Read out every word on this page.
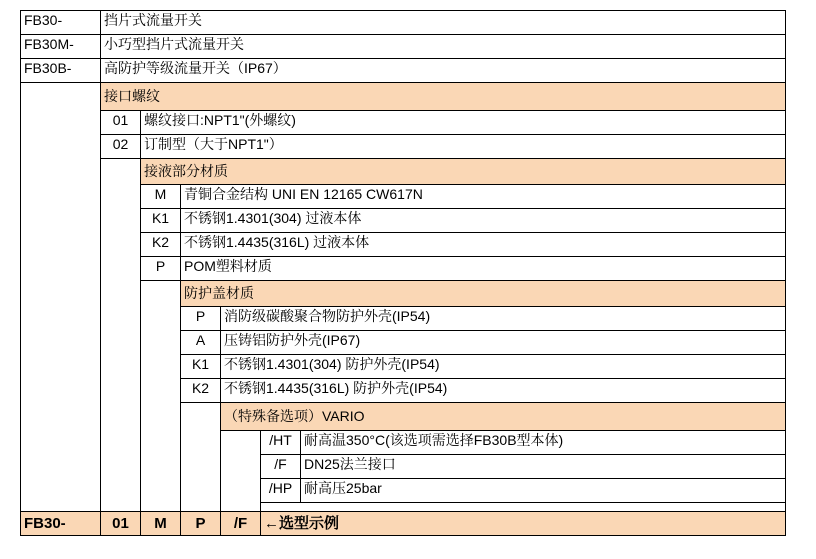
FB30-	挡片式流量开关
FB30M-	小巧型挡片式流量开关
FB30B-	高防护等级流量开关（IP67）
接口螺纹
01	螺纹接口:NPT1"(外螺纹)
02	订制型（大于NPT1"）
接液部分材质
M	青铜合金结构 UNI EN 12165 CW617N
K1	不锈钢1.4301(304) 过液本体
K2	不锈钢1.4435(316L) 过液本体
P	POM塑料材质
防护盖材质
P	消防级碳酸聚合物防护外壳(IP54)
A	压铸铝防护外壳(IP67)
K1	不锈钢1.4301(304) 防护外壳(IP54)
K2	不锈钢1.4435(316L) 防护外壳(IP54)
（特殊备选项）VARIO
/HT 耐高温350°C(该选项需选择FB30B型本体)
/F	DN25法兰接口
/HP 耐高压25bar
FB30-	01	M	P	/F	←选型示例
